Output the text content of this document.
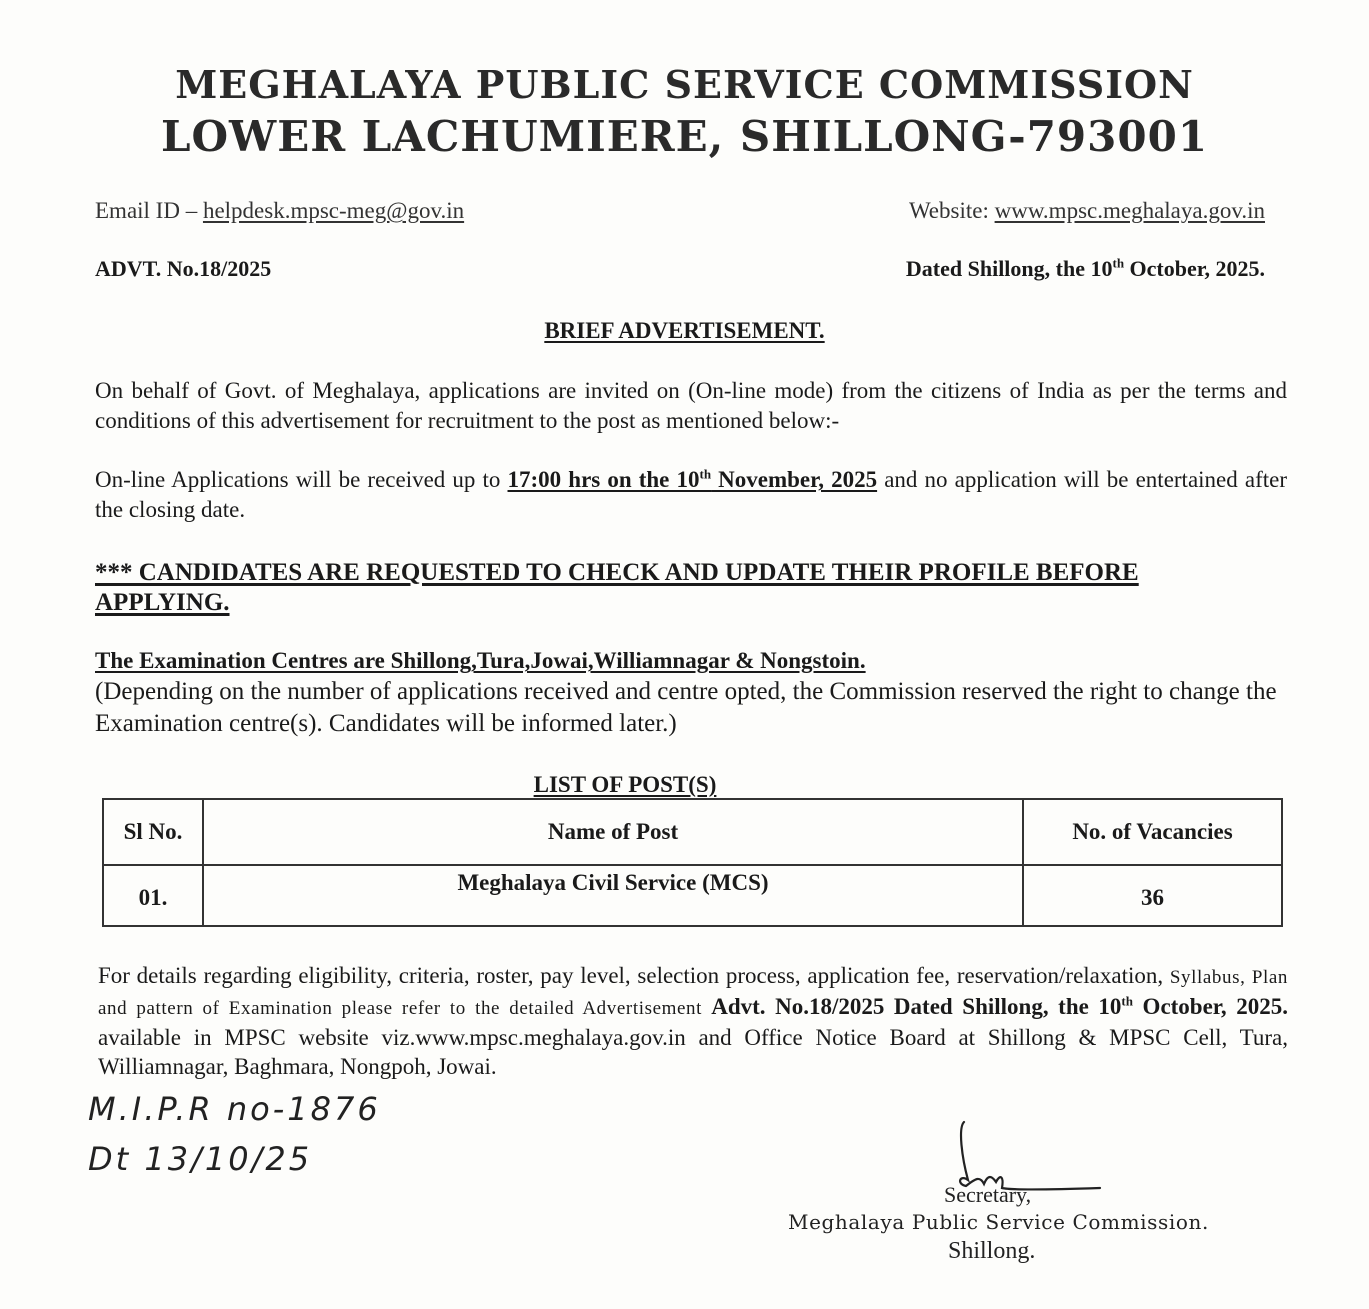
MEGHALAYA PUBLIC SERVICE COMMISSION
LOWER LACHUMIERE, SHILLONG-793001
Email ID – helpdesk.mpsc-meg@gov.in	Website: www.mpsc.meghalaya.gov.in
ADVT. No.18/2025	Dated Shillong, the 10th October, 2025.
BRIEF ADVERTISEMENT.
On behalf of Govt. of Meghalaya, applications are invited on (On-line mode) from the citizens of India as per the terms and conditions of this advertisement for recruitment to the post as mentioned below:-
On-line Applications will be received up to 17:00 hrs on the 10th November, 2025 and no application will be entertained after the closing date.
*** CANDIDATES ARE REQUESTED TO CHECK AND UPDATE THEIR PROFILE BEFORE APPLYING.
The Examination Centres are Shillong,Tura,Jowai,Williamnagar & Nongstoin.
(Depending on the number of applications received and centre opted, the Commission reserved the right to change the Examination centre(s). Candidates will be informed later.)
LIST OF POST(S)
Sl No.	Name of Post	No. of Vacancies
01.	Meghalaya Civil Service (MCS)	36
For details regarding eligibility, criteria, roster, pay level, selection process, application fee, reservation/relaxation, Syllabus, Plan and pattern of Examination please refer to the detailed Advertisement Advt. No.18/2025 Dated Shillong, the 10th October, 2025. available in MPSC website viz.www.mpsc.meghalaya.gov.in and Office Notice Board at Shillong & MPSC Cell, Tura, Williamnagar, Baghmara, Nongpoh, Jowai.
M.I.P.R no-1876
Dt 13/10/25
Secretary,
Meghalaya Public Service Commission.
Shillong.
